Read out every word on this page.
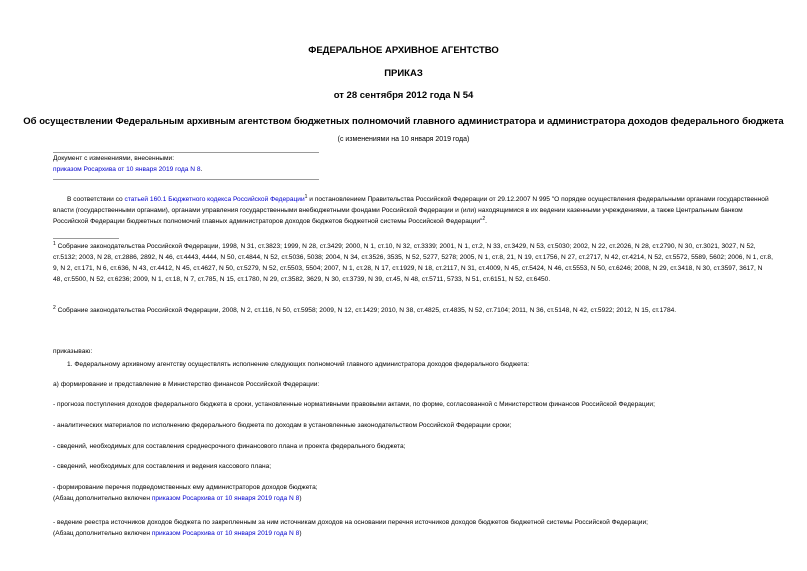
ФЕДЕРАЛЬНОЕ АРХИВНОЕ АГЕНТСТВО
ПРИКАЗ
от 28 сентября 2012 года N 54
Об осуществлении Федеральным архивным агентством бюджетных полномочий главного администратора и администратора доходов федерального бюджета
(с изменениями на 10 января 2019 года)
Документ с изменениями, внесенными:
приказом Росархива от 10 января 2019 года N 8.
В соответствии со статьей 160.1 Бюджетного кодекса Российской Федерации$^1$ и постановлением Правительства Российской Федерации от 29.12.2007 N 995 "О порядке осуществления федеральными органами государственной власти (государственными органами), органами управления государственными внебюджетными фондами Российской Федерации и (или) находящимися в их ведении казенными учреждениями, а также Центральным банком Российской Федерации бюджетных полномочий главных администраторов доходов бюджетов бюджетной системы Российской Федерации"$^2$.
$^1$ Собрание законодательства Российской Федерации, 1998, N 31, ст.3823; 1999, N 28, ст.3429; 2000, N 1, ст.10, N 32, ст.3339; 2001, N 1, ст.2, N 33, ст.3429, N 53, ст.5030; 2002, N 22, ст.2026, N 28, ст.2790, N 30, ст.3021, 3027, N 52, ст.5132; 2003, N 28, ст.2886, 2892, N 46, ст.4443, 4444, N 50, ст.4844, N 52, ст.5036, 5038; 2004, N 34, ст.3526, 3535, N 52, 5277, 5278; 2005, N 1, ст.8, 21, N 19, ст.1756, N 27, ст.2717, N 42, ст.4214, N 52, ст.5572, 5589, 5602; 2006, N 1, ст.8, 9, N 2, ст.171, N 6, ст.636, N 43, ст.4412, N 45, ст.4627, N 50, ст.5279, N 52, ст.5503, 5504; 2007, N 1, ст.28, N 17, ст.1929, N 18, ст.2117, N 31, ст.4009, N 45, ст.5424, N 46, ст.5553, N 50, ст.6246; 2008, N 29, ст.3418, N 30, ст.3597, 3617, N 48, ст.5500, N 52, ст.6236; 2009, N 1, ст.18, N 7, ст.785, N 15, ст.1780, N 29, ст.3582, 3629, N 30, ст.3739, N 39, ст.45, N 48, ст.5711, 5733, N 51, ст.6151, N 52, ст.6450.
$^2$ Собрание законодательства Российской Федерации, 2008, N 2, ст.116, N 50, ст.5958; 2009, N 12, ст.1429; 2010, N 38, ст.4825, ст.4835, N 52, ст.7104; 2011, N 36, ст.5148, N 42, ст.5922; 2012, N 15, ст.1784.
приказываю:
1. Федеральному архивному агентству осуществлять исполнение следующих полномочий главного администратора доходов федерального бюджета:
а) формирование и представление в Министерство финансов Российской Федерации:
- прогноза поступления доходов федерального бюджета в сроки, установленные нормативными правовыми актами, по форме, согласованной с Министерством финансов Российской Федерации;
- аналитических материалов по исполнению федерального бюджета по доходам в установленные законодательством Российской Федерации сроки;
- сведений, необходимых для составления среднесрочного финансового плана и проекта федерального бюджета;
- сведений, необходимых для составления и ведения кассового плана;
- формирование перечня подведомственных ему администраторов доходов бюджета;
(Абзац дополнительно включен приказом Росархива от 10 января 2019 года N 8)
- ведение реестра источников доходов бюджета по закрепленным за ним источникам доходов на основании перечня источников доходов бюджетов бюджетной системы Российской Федерации;
(Абзац дополнительно включен приказом Росархива от 10 января 2019 года N 8)
